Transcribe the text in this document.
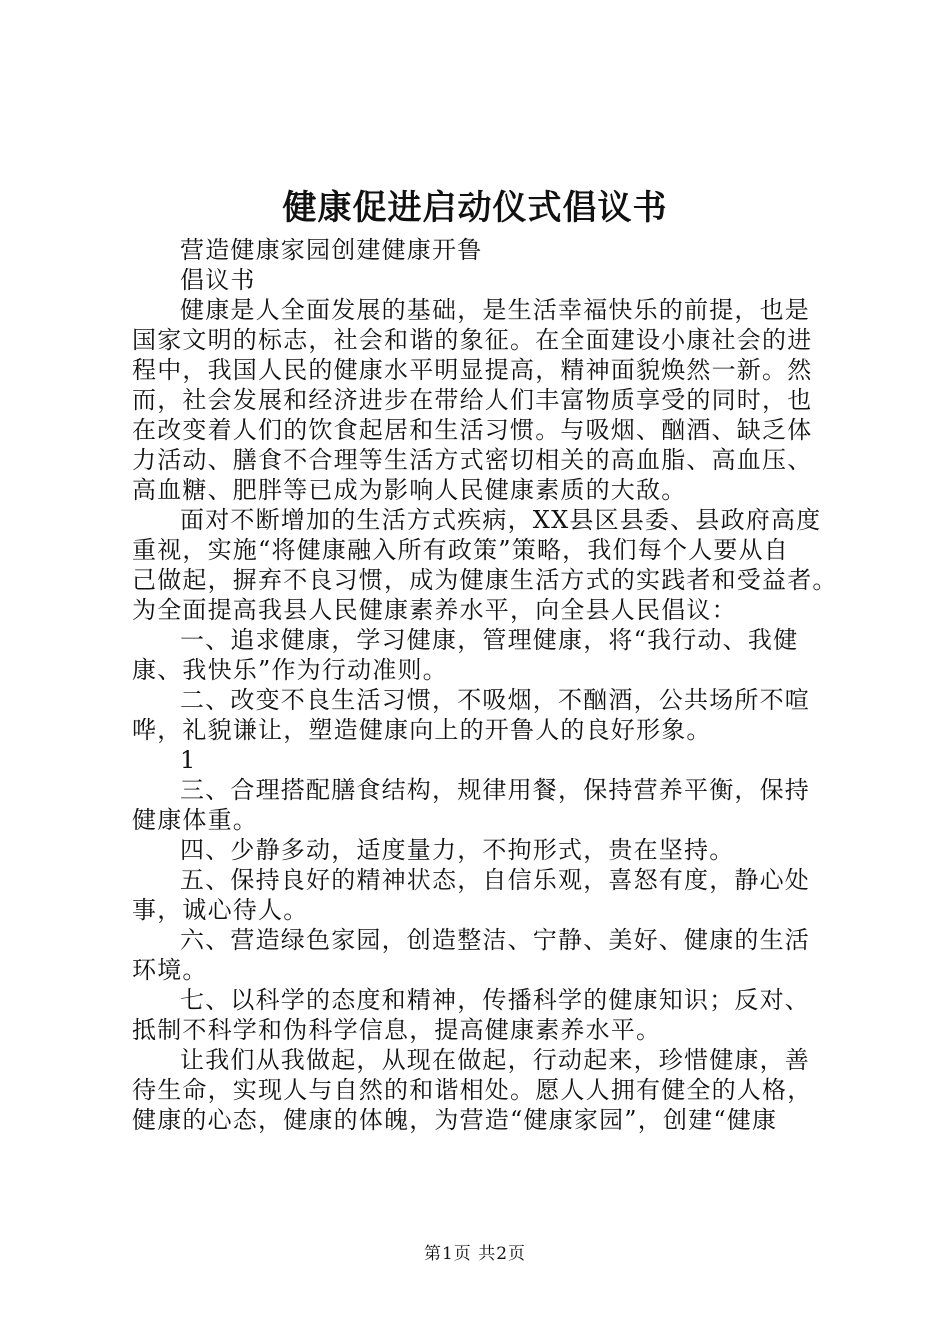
健康促进启动仪式倡议书

营造健康家园创建健康开鲁

倡议书

健康是人全面发展的基础，是生活幸福快乐的前提，也是

国家文明的标志，社会和谐的象征。在全面建设小康社会的进

程中，我国人民的健康水平明显提高，精神面貌焕然一新。然

而，社会发展和经济进步在带给人们丰富物质享受的同时，也

在改变着人们的饮食起居和生活习惯。与吸烟、酗酒、缺乏体

力活动、膳食不合理等生活方式密切相关的高血脂、高血压、

高血糖、肥胖等已成为影响人民健康素质的大敌。

面对不断增加的生活方式疾病，XX县区县委、县政府高度

重视，实施“将健康融入所有政策”策略，我们每个人要从自

己做起，摒弃不良习惯，成为健康生活方式的实践者和受益者。

为全面提高我县人民健康素养水平，向全县人民倡议：

一、追求健康，学习健康，管理健康，将“我行动、我健

康、我快乐”作为行动准则。

二、改变不良生活习惯，不吸烟，不酗酒，公共场所不喧

哗，礼貌谦让，塑造健康向上的开鲁人的良好形象。

1

三、合理搭配膳食结构，规律用餐，保持营养平衡，保持

健康体重。

四、少静多动，适度量力，不拘形式，贵在坚持。

五、保持良好的精神状态，自信乐观，喜怒有度，静心处

事，诚心待人。

六、营造绿色家园，创造整洁、宁静、美好、健康的生活

环境。

七、以科学的态度和精神，传播科学的健康知识；反对、

抵制不科学和伪科学信息，提高健康素养水平。

让我们从我做起，从现在做起，行动起来，珍惜健康，善

待生命，实现人与自然的和谐相处。愿人人拥有健全的人格，

健康的心态，健康的体魄，为营造“健康家园”，创建“健康

第1页 共2页
